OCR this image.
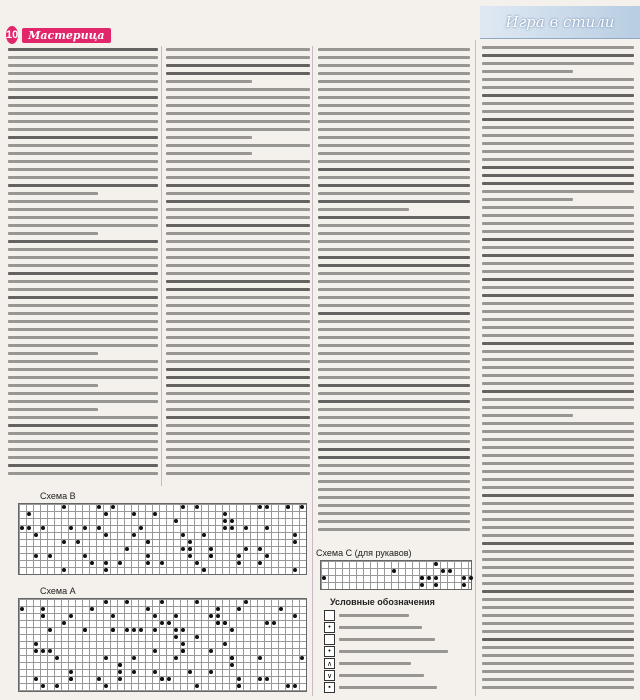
10 Мастерица
Игра в стили
Схема В
Схема А
Схема С (для рукавов)
Условные обозначения
•
•
∧
∨
▪
